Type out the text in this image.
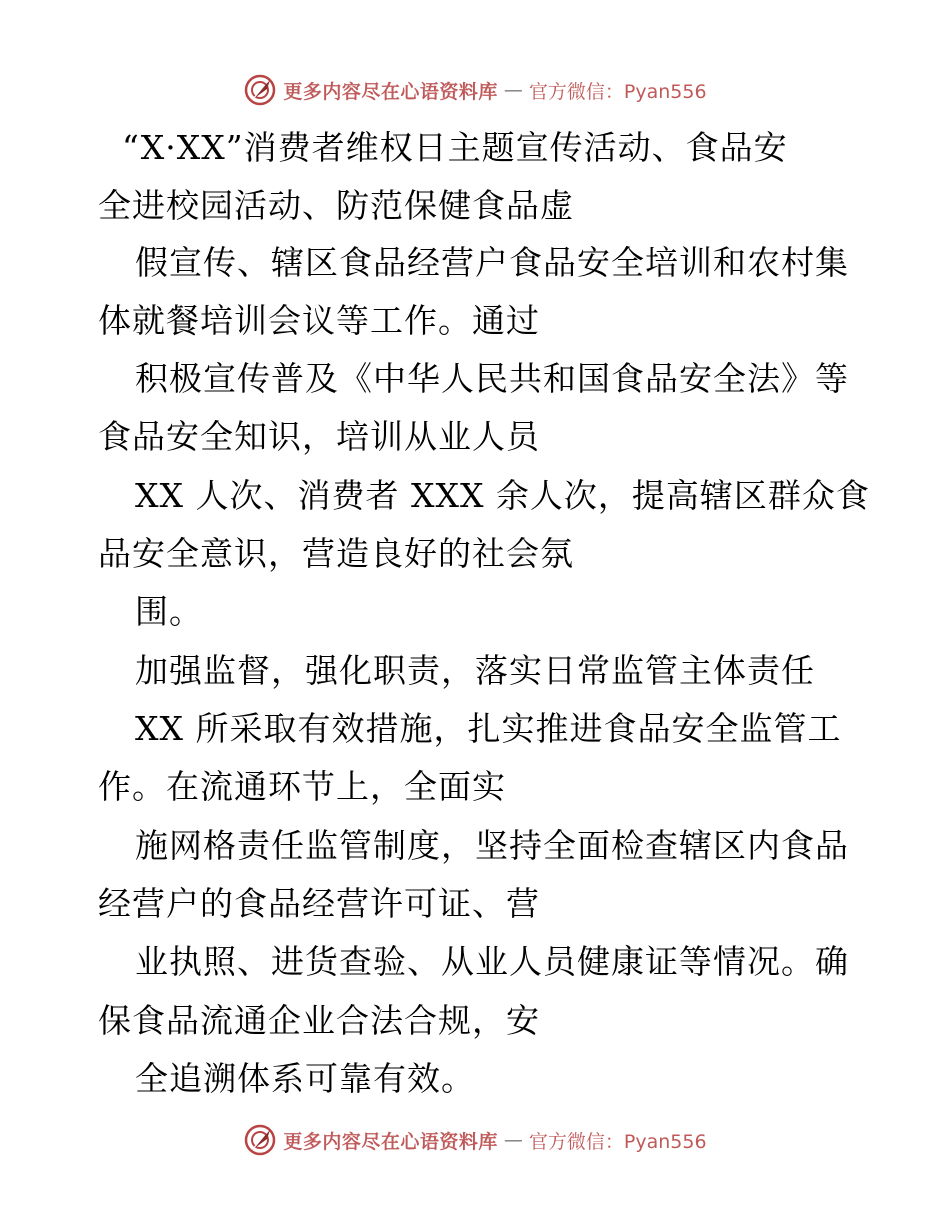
更多内容尽在心语资料库 — 官方微信：Pyan556
“X·XX”消费者维权日主题宣传活动、食品安
全进校园活动、防范保健食品虚
假宣传、辖区食品经营户食品安全培训和农村集
体就餐培训会议等工作。通过
积极宣传普及《中华人民共和国食品安全法》等
食品安全知识，培训从业人员
XX 人次、消费者 XXX 余人次，提高辖区群众食
品安全意识，营造良好的社会氛
围。
加强监督，强化职责，落实日常监管主体责任
XX 所采取有效措施，扎实推进食品安全监管工
作。在流通环节上，全面实
施网格责任监管制度，坚持全面检查辖区内食品
经营户的食品经营许可证、营
业执照、进货查验、从业人员健康证等情况。确
保食品流通企业合法合规，安
全追溯体系可靠有效。
更多内容尽在心语资料库 — 官方微信：Pyan556
